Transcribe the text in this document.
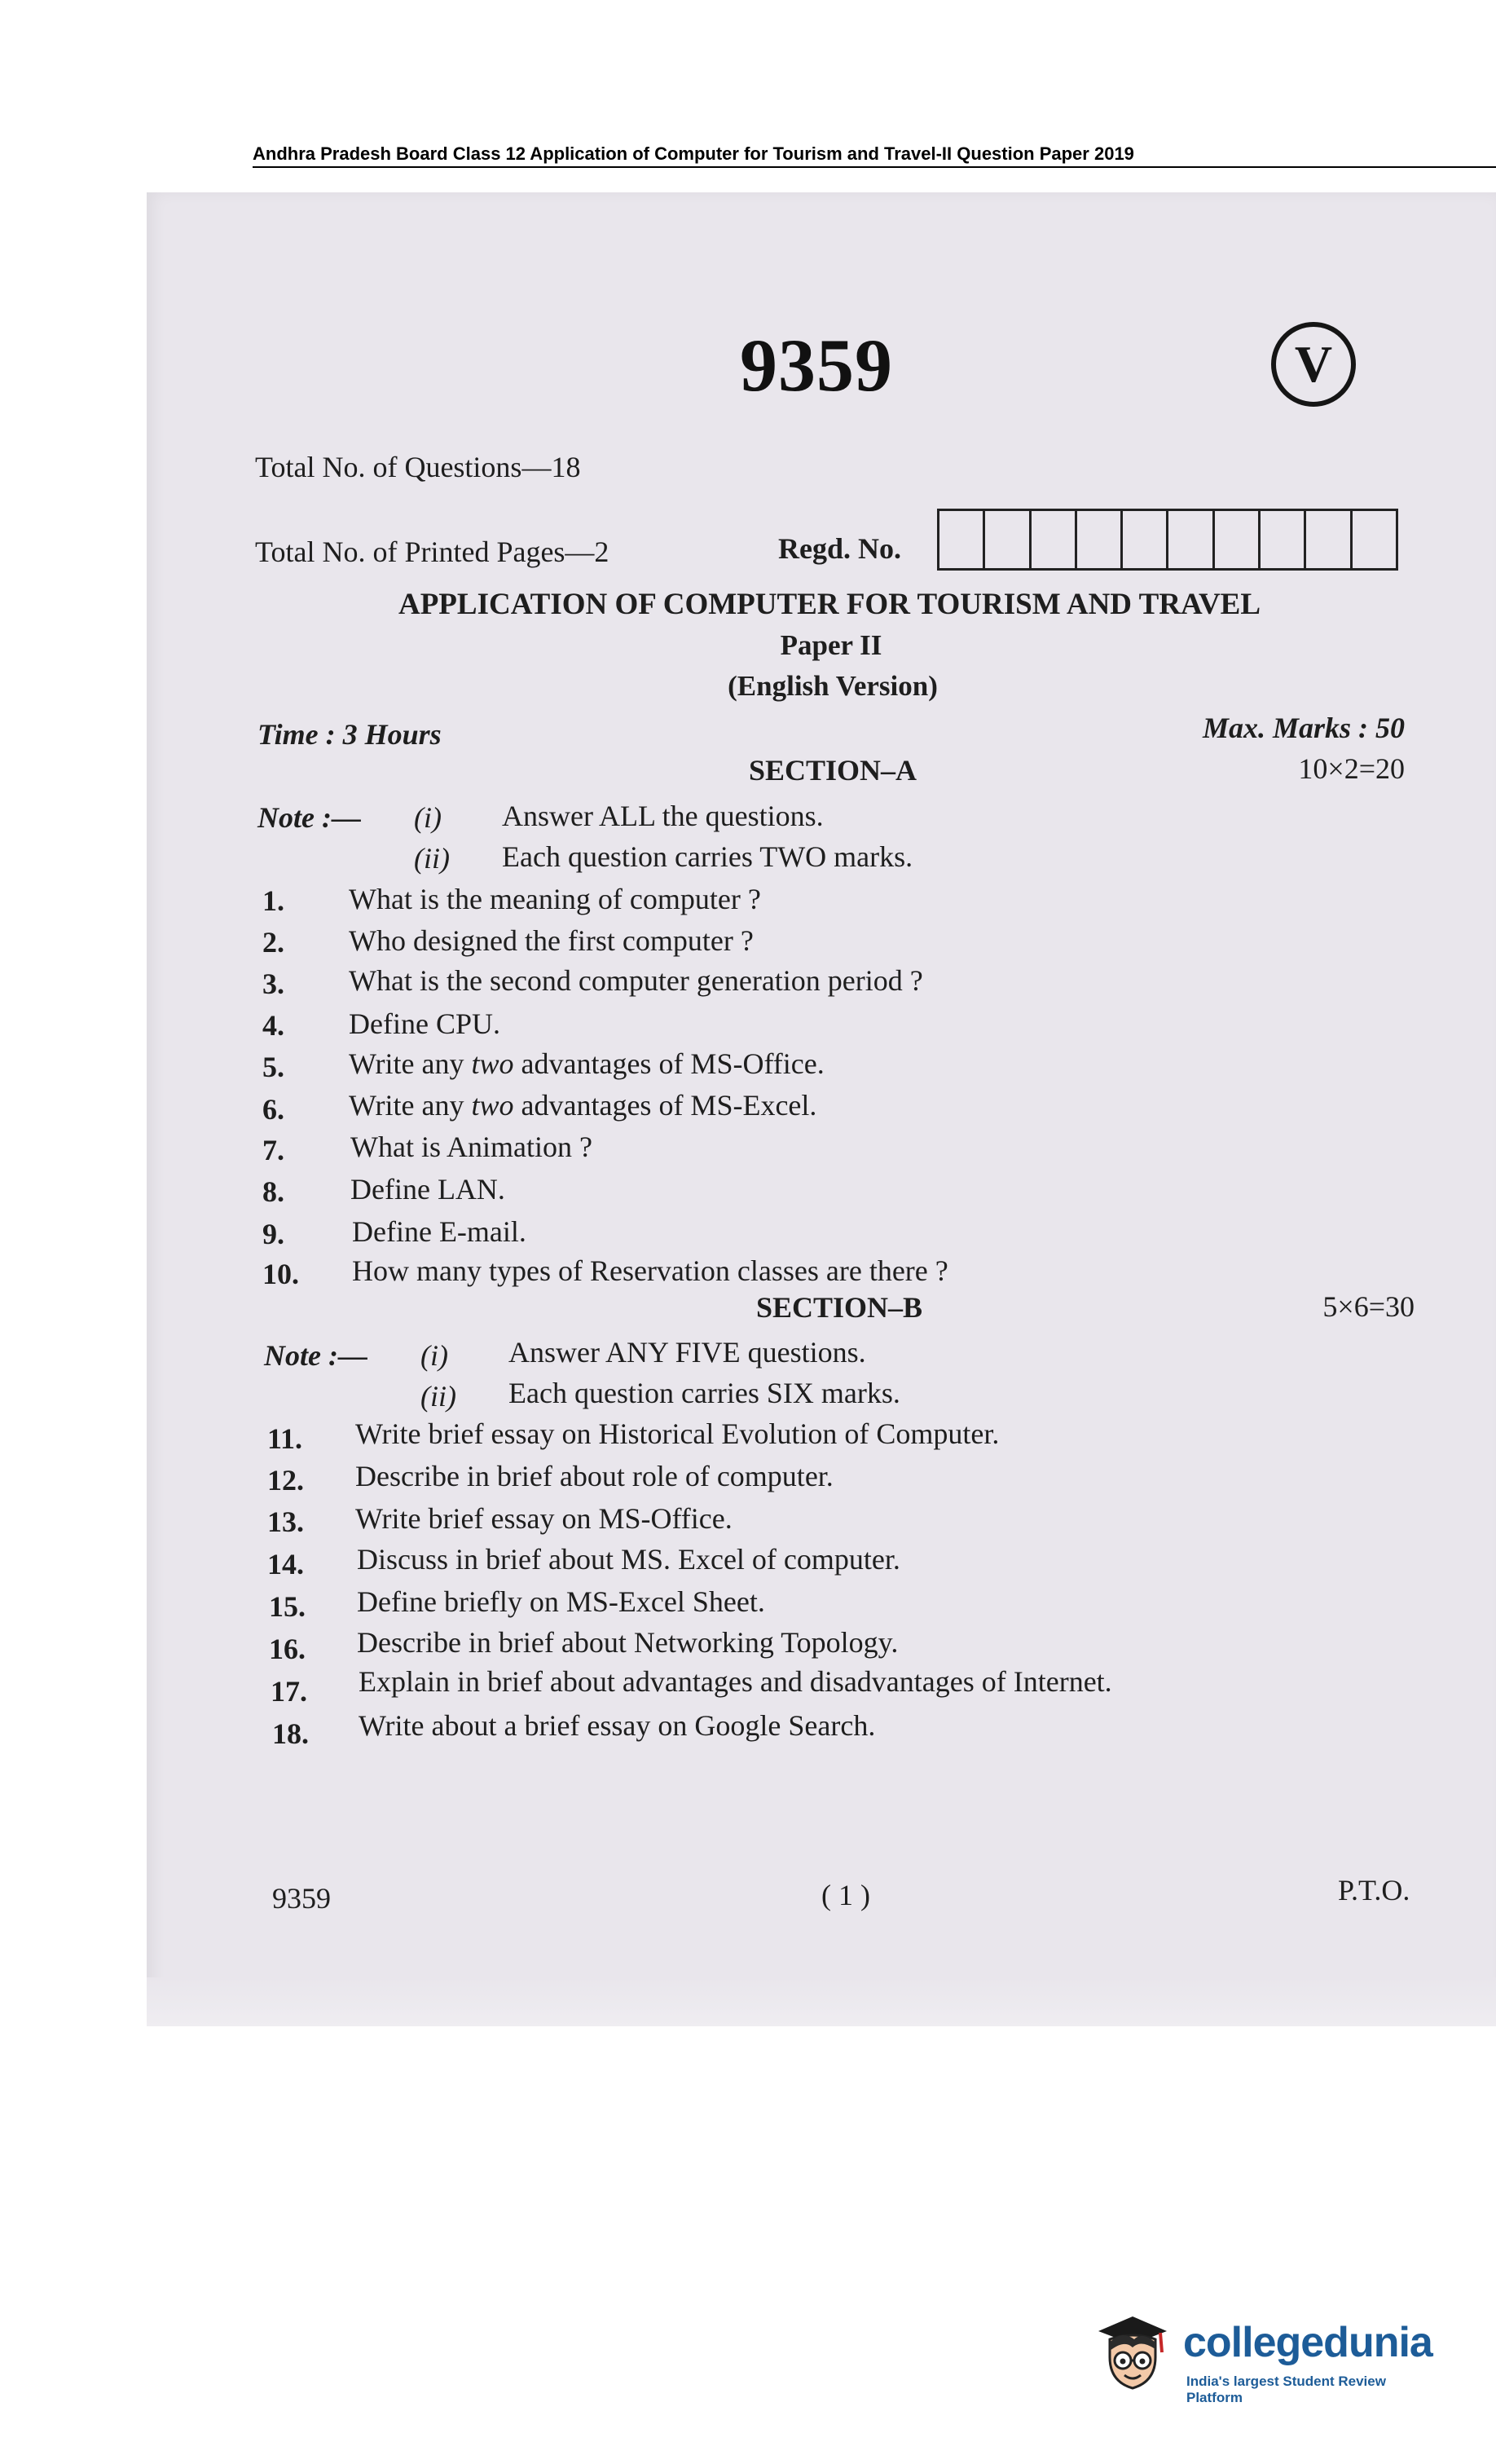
Andhra Pradesh Board Class 12 Application of Computer for Tourism and Travel-II Question Paper 2019
9359	V
Total No. of Questions—18
Total No. of Printed Pages—2	Regd. No.
APPLICATION OF COMPUTER FOR TOURISM AND TRAVEL
Paper II
(English Version)
Time : 3 Hours	Max. Marks : 50
SECTION–A	10×2=20
Note :— (i) Answer ALL the questions.
(ii) Each question carries TWO marks.
1.	What is the meaning of computer ?
2.	Who designed the first computer ?
3.	What is the second computer generation period ?
4.	Define CPU.
5.	Write any two advantages of MS-Office.
6.	Write any two advantages of MS-Excel.
7.	What is Animation ?
8.	Define LAN.
9.	Define E-mail.
10.	How many types of Reservation classes are there ?
SECTION–B	5×6=30
Note :— (i) Answer ANY FIVE questions.
(ii) Each question carries SIX marks.
11.	Write brief essay on Historical Evolution of Computer.
12.	Describe in brief about role of computer.
13.	Write brief essay on MS-Office.
14.	Discuss in brief about MS. Excel of computer.
15.	Define briefly on MS-Excel Sheet.
16.	Describe in brief about Networking Topology.
17.	Explain in brief about advantages and disadvantages of Internet.
18.	Write about a brief essay on Google Search.
9359	( 1 )	P.T.O.
collegedunia
India's largest Student Review Platform
